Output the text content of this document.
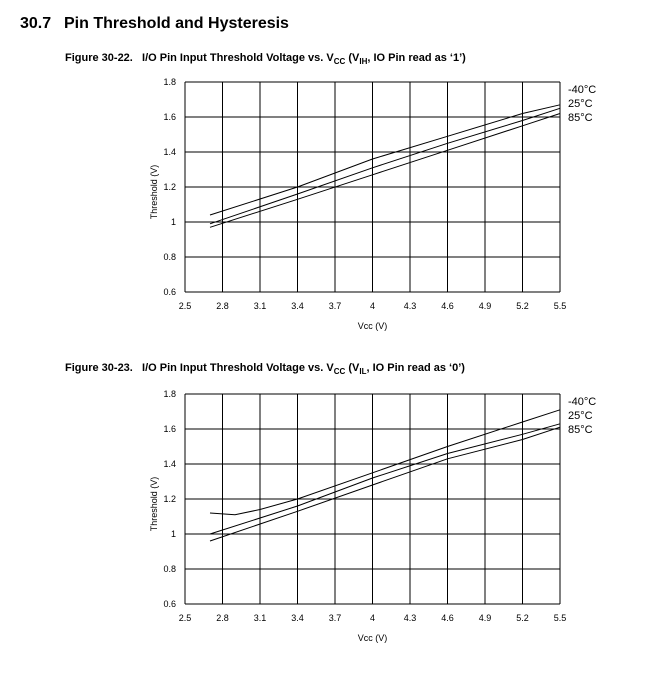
30.7 Pin Threshold and Hysteresis
Figure 30-22. I/O Pin Input Threshold Voltage vs. $V_{CC}$ ($V_{IH}$, IO Pin read as ‘1’)
2.5	2.8	3.1	3.4	3.7	4	4.3	4.6	4.9	5.2	5.5
0.6
0.8
1
1.2
1.4
1.6
1.8
Vcc (V)
Threshold (V)
-40°C
25°C
85°C
Figure 30-23. I/O Pin Input Threshold Voltage vs. $V_{CC}$ ($V_{IL}$, IO Pin read as ‘0’)
2.5	2.8	3.1	3.4	3.7	4	4.3	4.6	4.9	5.2	5.5
0.6
0.8
1
1.2
1.4
1.6
1.8
Vcc (V)
Threshold (V)
-40°C
25°C
85°C
